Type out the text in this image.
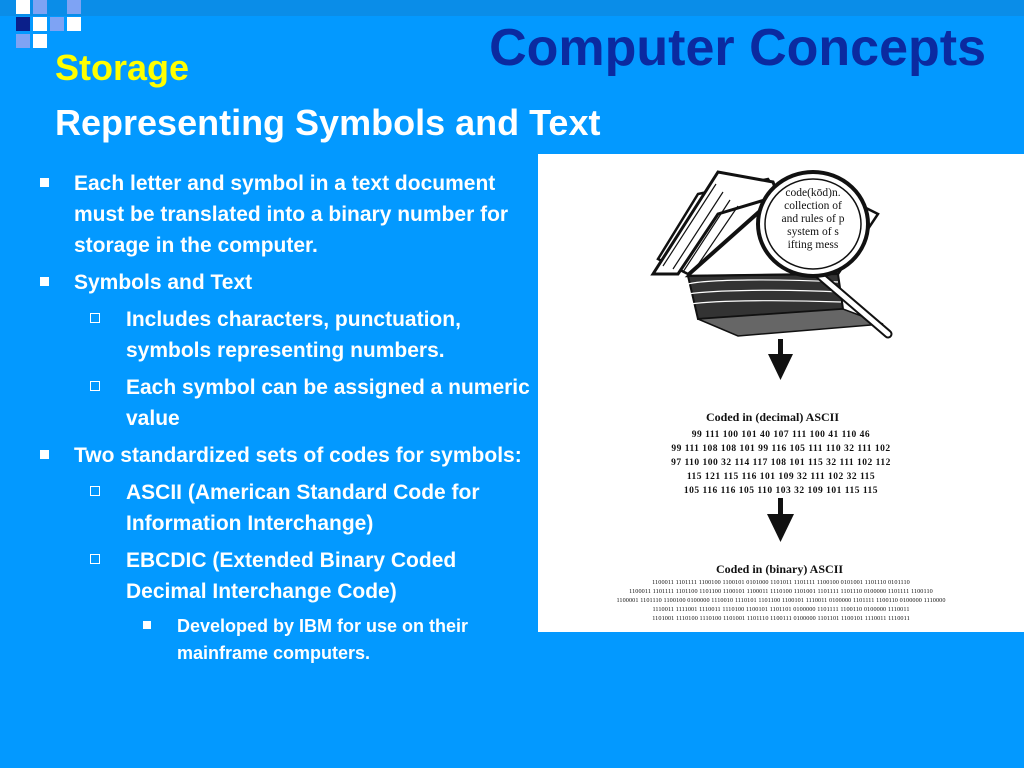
Computer Concepts
Storage
Representing Symbols and Text
Each letter and symbol in a text document must be translated into a binary number for storage in the computer.
Symbols and Text
Includes characters, punctuation, symbols representing numbers.
Each symbol can be assigned a numeric value
Two standardized sets of codes for symbols:
ASCII (American Standard Code for Information Interchange)
EBCDIC (Extended Binary Coded Decimal Interchange Code)
Developed by IBM for use on their mainframe computers.
code(kōd)n.
collection of
and rules of p
system of s
ifting mess
Coded in (decimal) ASCII
99 111 100 101 40 107 111 100 41 110 46
99 111 108 108 101 99 116 105 111 110 32 111 102
97 110 100 32 114 117 108 101 115 32 111 102 112
115 121 115 116 101 109 32 111 102 32 115
105 116 116 105 110 103 32 109 101 115 115
Coded in (binary) ASCII
1100011 1101111 1100100 1100101 0101000 1101011 1101111 1100100 0101001 1101110 0101110
1100011 1101111 1101100 1101100 1100101 1100011 1110100 1101001 1101111 1101110 0100000 1101111 1100110
1100001 1101110 1100100 0100000 1110010 1110101 1101100 1100101 1110011 0100000 1101111 1100110 0100000 1110000
1110011 1111001 1110011 1110100 1100101 1101101 0100000 1101111 1100110 0100000 1110011
1101001 1110100 1110100 1101001 1101110 1100111 0100000 1101101 1100101 1110011 1110011
